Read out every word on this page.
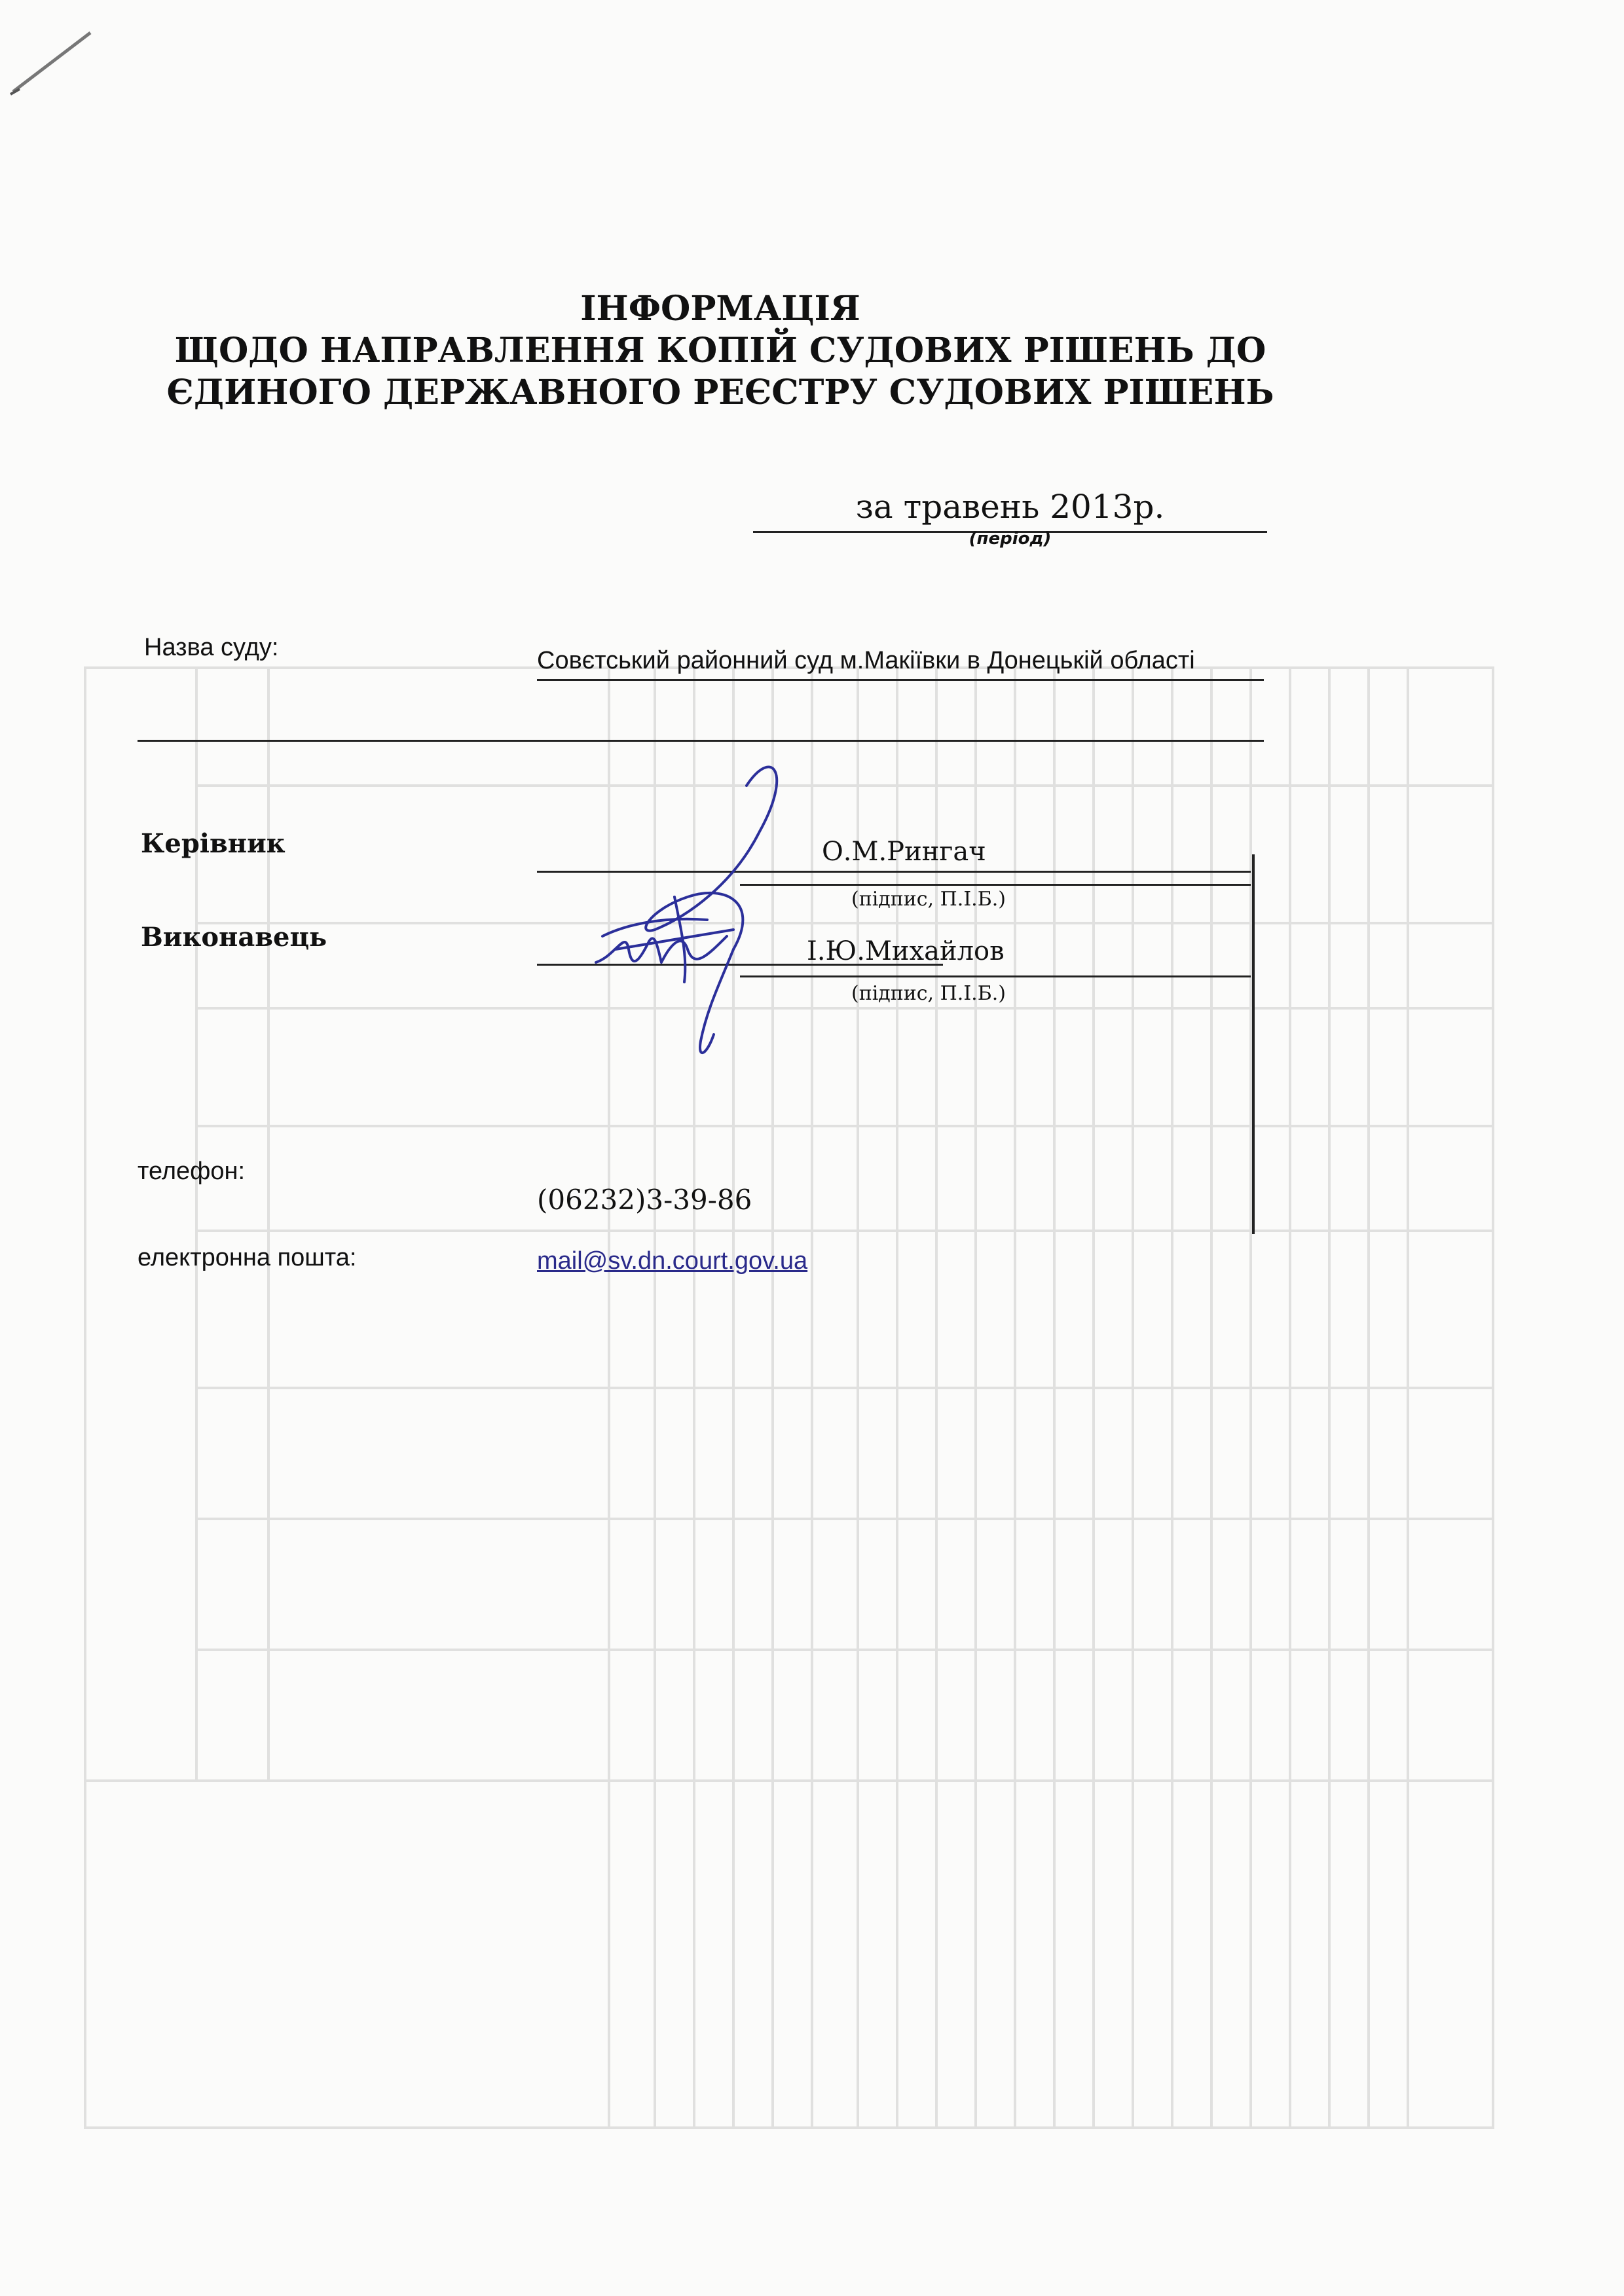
ІНФОРМАЦІЯ
ЩОДО НАПРАВЛЕННЯ КОПІЙ СУДОВИХ РІШЕНЬ ДО
ЄДИНОГО ДЕРЖАВНОГО РЕЄСТРУ СУДОВИХ РІШЕНЬ
за травень 2013р.
(період)
Назва суду:	Совєтський районний суд м.Макіївки в Донецькій області
Керівник	О.М.Рингач
(підпис, П.І.Б.)
Виконавець	І.Ю.Михайлов
(підпис, П.І.Б.)
телефон:
(06232)3-39-86
електронна пошта:	mail@sv.dn.court.gov.ua
